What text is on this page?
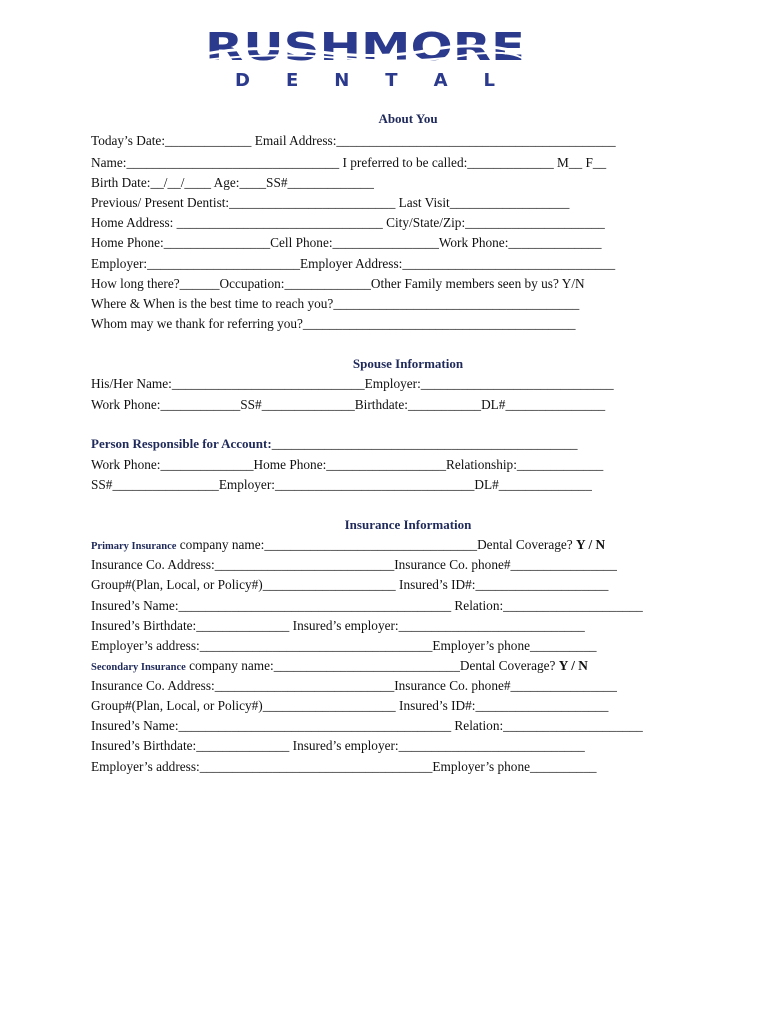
RUSHMORE
D E N T A L
About You
Today’s Date:_____________ Email Address:__________________________________________
Name:________________________________ I preferred to be called:_____________ M__ F__
Birth Date:__/__/____ Age:____SS#_____________
Previous/ Present Dentist:_________________________ Last Visit__________________
Home Address: _______________________________ City/State/Zip:_____________________
Home Phone:________________Cell Phone:________________Work Phone:______________
Employer:_______________________Employer Address:________________________________
How long there?______Occupation:_____________Other Family members seen by us? Y/N
Where & When is the best time to reach you?_____________________________________
Whom may we thank for referring you?_________________________________________
Spouse Information
His/Her Name:_____________________________Employer:_____________________________
Work Phone:____________SS#______________Birthdate:___________DL#_______________
Person Responsible for Account:______________________________________________
Work Phone:______________Home Phone:__________________Relationship:_____________
SS#________________Employer:______________________________DL#______________
Insurance Information
Primary Insurance company name:________________________________Dental Coverage? Y / N
Insurance Co. Address:___________________________Insurance Co. phone#________________
Group#(Plan, Local, or Policy#)____________________ Insured’s ID#:____________________
Insured’s Name:_________________________________________ Relation:_____________________
Insured’s Birthdate:______________ Insured’s employer:____________________________
Employer’s address:___________________________________Employer’s phone__________
Secondary Insurance company name:____________________________Dental Coverage? Y / N
Insurance Co. Address:___________________________Insurance Co. phone#________________
Group#(Plan, Local, or Policy#)____________________ Insured’s ID#:____________________
Insured’s Name:_________________________________________ Relation:_____________________
Insured’s Birthdate:______________ Insured’s employer:____________________________
Employer’s address:___________________________________Employer’s phone__________
